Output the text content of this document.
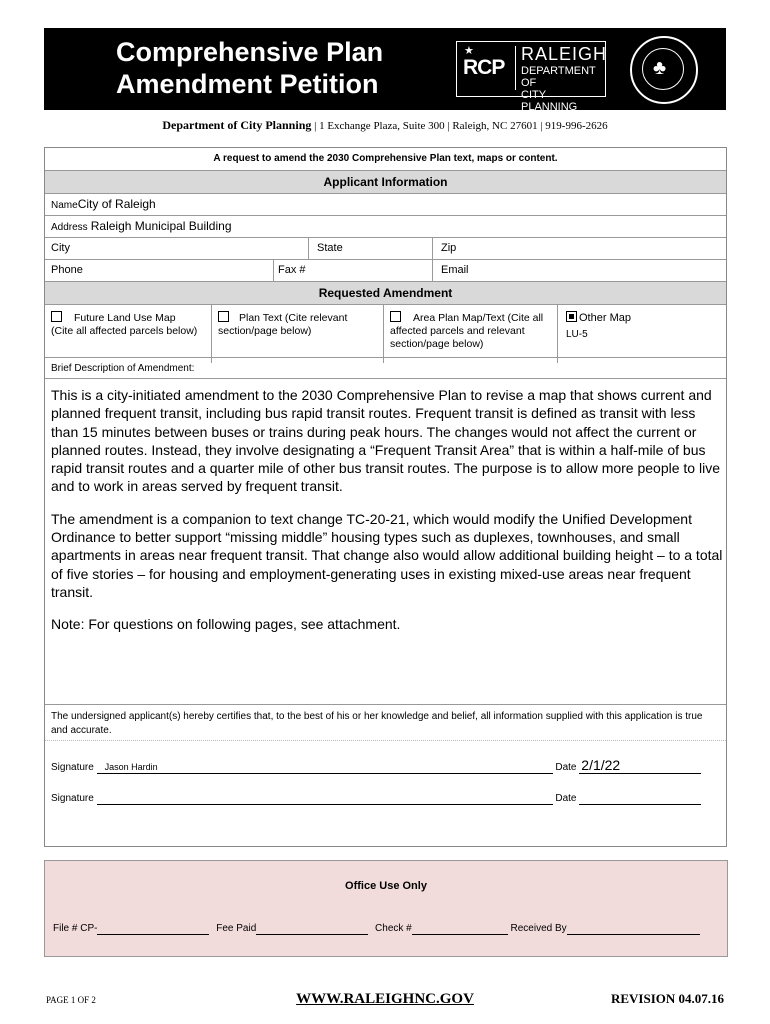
Comprehensive Plan
Amendment Petition
★
RCP
RALEIGH
DEPARTMENT OF
CITY PLANNING
♣
Department of City Planning | 1 Exchange Plaza, Suite 300 | Raleigh, NC 27601 | 919-996-2626
A request to amend the 2030 Comprehensive Plan text, maps or content.
Applicant Information
NameCity of Raleigh
Address Raleigh Municipal Building
City	State	Zip
Phone	Fax #	Email
Requested Amendment
Future Land Use Map
(Cite all affected parcels below)
Plan Text (Cite relevant section/page below)
Area Plan Map/Text (Cite all affected parcels and relevant section/page below)
Other Map
LU-5
Brief Description of Amendment:

This is a city-initiated amendment to the 2030 Comprehensive Plan to revise a map that shows current and planned frequent transit, including bus rapid transit routes. Frequent transit is defined as transit with less than 15 minutes between buses or trains during peak hours. The changes would not affect the current or planned routes. Instead, they involve designating a “Frequent Transit Area” that is within a half-mile of bus rapid transit routes and a quarter mile of other bus transit routes. The purpose is to allow more people to live and to work in areas served by frequent transit.

The amendment is a companion to text change TC-20-21, which would modify the Unified Development Ordinance to better support “missing middle” housing types such as duplexes, townhouses, and small apartments in areas near frequent transit. That change also would allow additional building height – to a total of five stories – for housing and employment-generating uses in existing mixed-use areas near frequent transit.

Note: For questions on following pages, see attachment.

The undersigned applicant(s) hereby certifies that, to the best of his or her knowledge and belief, all information supplied with this application is true and accurate.
Signature Jason Hardin	Date 2/1/22

Signature	Date
Office Use Only
File # CP-	Fee Paid	Check #	Received By
PAGE 1 OF 2	WWW.RALEIGHNC.GOV	REVISION 04.07.16
